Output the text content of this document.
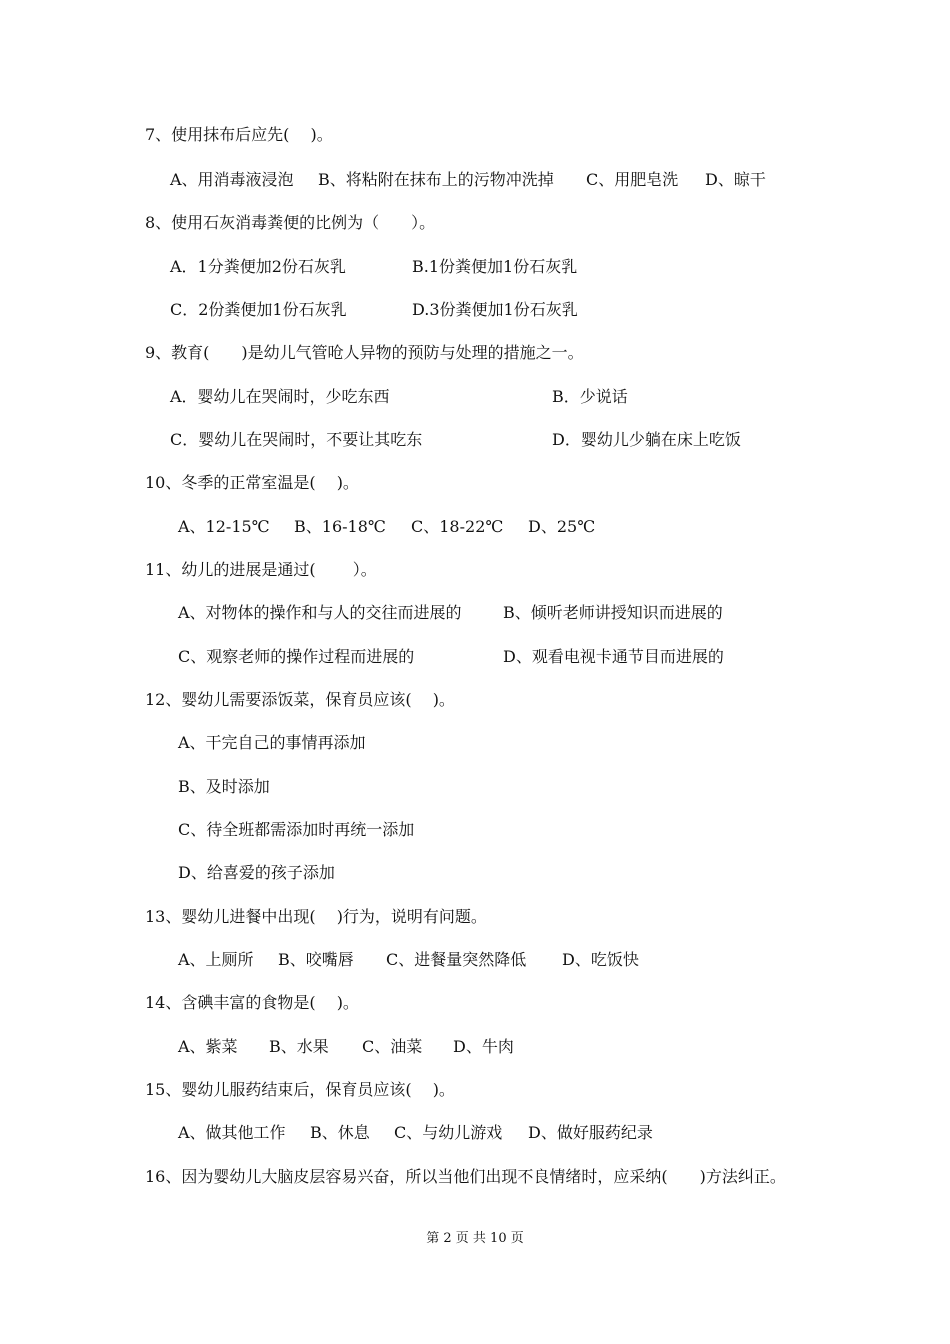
7、使用抹布后应先(　 )。
A、用消毒液浸泡 B、将粘附在抹布上的污物冲洗掉 C、用肥皂洗 D、晾干
8、使用石灰消毒粪便的比例为（　　）。
A．1分粪便加2份石灰乳	B.1份粪便加1份石灰乳
C．2份粪便加1份石灰乳	D.3份粪便加1份石灰乳
9、教育(　　)是幼儿气管呛人异物的预防与处理的措施之一。
A．婴幼儿在哭闹时，少吃东西	B．少说话
C．婴幼儿在哭闹时，不要让其吃东	D．婴幼儿少躺在床上吃饭
10、冬季的正常室温是(　 )。
A、12-15℃ B、16-18℃ C、18-22℃ D、25℃
11、幼儿的进展是通过(　　 ）。
A、对物体的操作和与人的交往而进展的	B、倾听老师讲授知识而进展的
C、观察老师的操作过程而进展的	D、观看电视卡通节目而进展的
12、婴幼儿需要添饭菜，保育员应该(　 )。
A、干完自己的事情再添加
B、及时添加
C、待全班都需添加时再统一添加
D、给喜爱的孩子添加
13、婴幼儿进餐中出现(　 )行为，说明有问题。
A、上厕所 B、咬嘴唇 C、进餐量突然降低 D、吃饭快
14、含碘丰富的食物是(　 )。
A、紫菜 B、水果 C、油菜 D、牛肉
15、婴幼儿服药结束后，保育员应该(　 )。
A、做其他工作 B、休息 C、与幼儿游戏 D、做好服药纪录
16、因为婴幼儿大脑皮层容易兴奋，所以当他们出现不良情绪时，应采纳(　　)方法纠正。
第 2 页 共 10 页
